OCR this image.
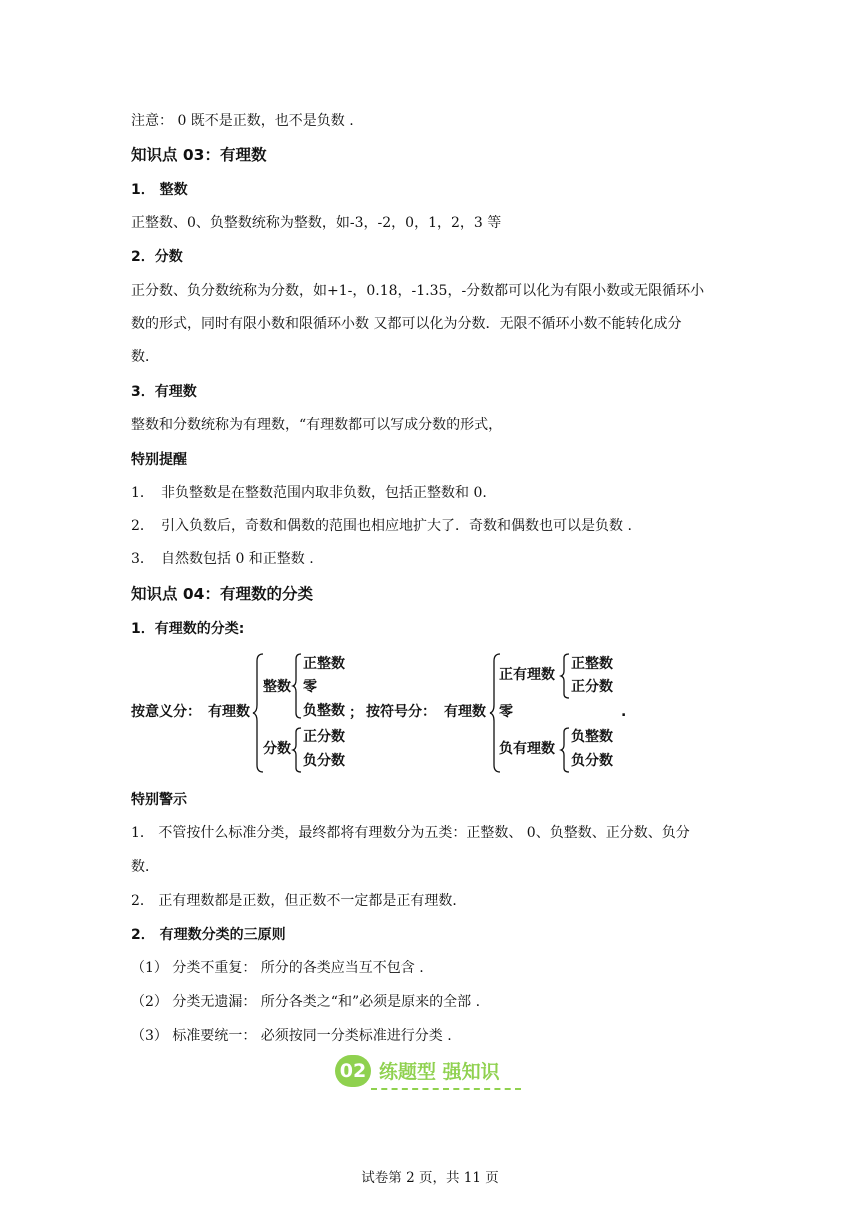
注意： 0 既不是正数，也不是负数 .
知识点 03：有理数
1． 整数
正整数、0、负整数统称为整数，如-3，-2，0，1，2，3 等
2．分数
正分数、负分数统称为分数，如+1-，0.18，-1.35，-分数都可以化为有限小数或无限循环小
数的形式，同时有限小数和限循环小数 又都可以化为分数．无限不循环小数不能转化成分
数．
3．有理数
整数和分数统称为有理数，“有理数都可以写成分数的形式，
特别提醒
1． 非负整数是在整数范围内取非负数，包括正整数和 0.
2． 引入负数后，奇数和偶数的范围也相应地扩大了．奇数和偶数也可以是负数 .
3． 自然数包括 0 和正整数 .
知识点 04：有理数的分类
1．有理数的分类:
按意义分： 有理数
整数
正整数
零
负整数 ；
分数
正分数
负分数
按符号分： 有理数
正有理数
正整数
正分数
零	.
负有理数
负整数
负分数
特别警示
1． 不管按什么标准分类，最终都将有理数分为五类：正整数、 0、负整数、正分数、负分
数．
2． 正有理数都是正数，但正数不一定都是正有理数．
2． 有理数分类的三原则
（1） 分类不重复： 所分的各类应当互不包含 .
（2） 分类无遗漏： 所分各类之“和”必须是原来的全部 .
（3） 标准要统一： 必须按同一分类标准进行分类 .
02 练题型 强知识
试卷第 2 页，共 11 页
